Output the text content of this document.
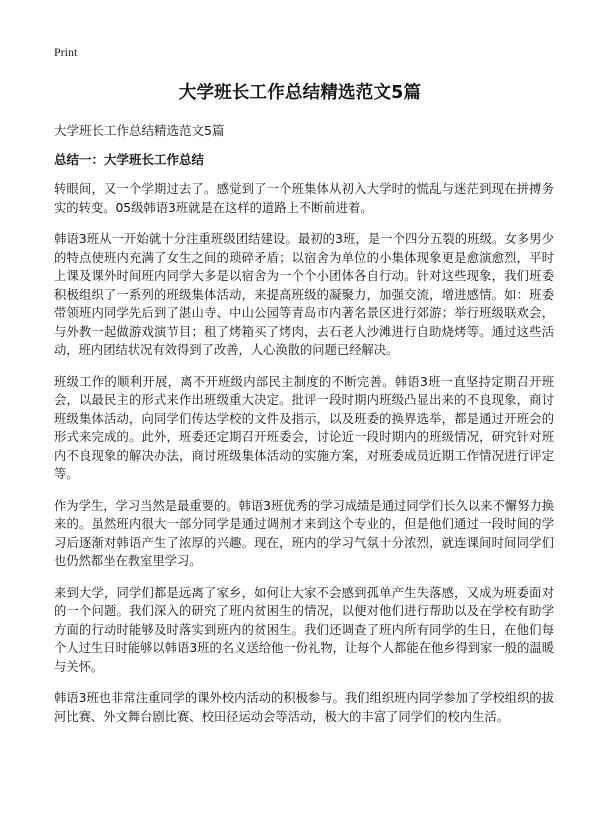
Print
大学班长工作总结精选范文5篇

大学班长工作总结精选范文5篇

总结一：大学班长工作总结

转眼间，又一个学期过去了。感觉到了一个班集体从初入大学时的慌乱与迷茫到现在拼搏务实的转变。05级韩语3班就是在这样的道路上不断前进着。

韩语3班从一开始就十分注重班级团结建设。最初的3班，是一个四分五裂的班级。女多男少的特点使班内充满了女生之间的琐碎矛盾；以宿舍为单位的小集体现象更是愈演愈烈，平时上课及课外时间班内同学大多是以宿舍为一个个小团体各自行动。针对这些现象，我们班委积极组织了一系列的班级集体活动，来提高班级的凝聚力，加强交流，增进感情。如：班委带领班内同学先后到了湛山寺、中山公园等青岛市内著名景区进行郊游；举行班级联欢会，与外教一起做游戏演节目；租了烤箱买了烤肉，去石老人沙滩进行自助烧烤等。通过这些活动，班内团结状况有效得到了改善，人心涣散的问题已经解决。

班级工作的顺利开展，离不开班级内部民主制度的不断完善。韩语3班一直坚持定期召开班会，以最民主的形式来作出班级重大决定。批评一段时期内班级凸显出来的不良现象，商讨班级集体活动，向同学们传达学校的文件及指示，以及班委的换界选举，都是通过开班会的形式来完成的。此外，班委还定期召开班委会，讨论近一段时期内的班级情况，研究针对班内不良现象的解决办法，商讨班级集体活动的实施方案，对班委成员近期工作情况进行评定等。

作为学生，学习当然是最重要的。韩语3班优秀的学习成绩是通过同学们长久以来不懈努力换来的。虽然班内很大一部分同学是通过调剂才来到这个专业的，但是他们通过一段时间的学习后逐渐对韩语产生了浓厚的兴趣。现在，班内的学习气氛十分浓烈，就连课间时间同学们也仍然都坐在教室里学习。

来到大学，同学们都是远离了家乡，如何让大家不会感到孤单产生失落感，又成为班委面对的一个问题。我们深入的研究了班内贫困生的情况，以便对他们进行帮助以及在学校有助学方面的行动时能够及时落实到班内的贫困生。我们还调查了班内所有同学的生日，在他们每个人过生日时能够以韩语3班的名义送给他一份礼物，让每个人都能在他乡得到家一般的温暖与关怀。

韩语3班也非常注重同学的课外校内活动的积极参与。我们组织班内同学参加了学校组织的拔河比赛、外文舞台剧比赛、校田径运动会等活动，极大的丰富了同学们的校内生活。
